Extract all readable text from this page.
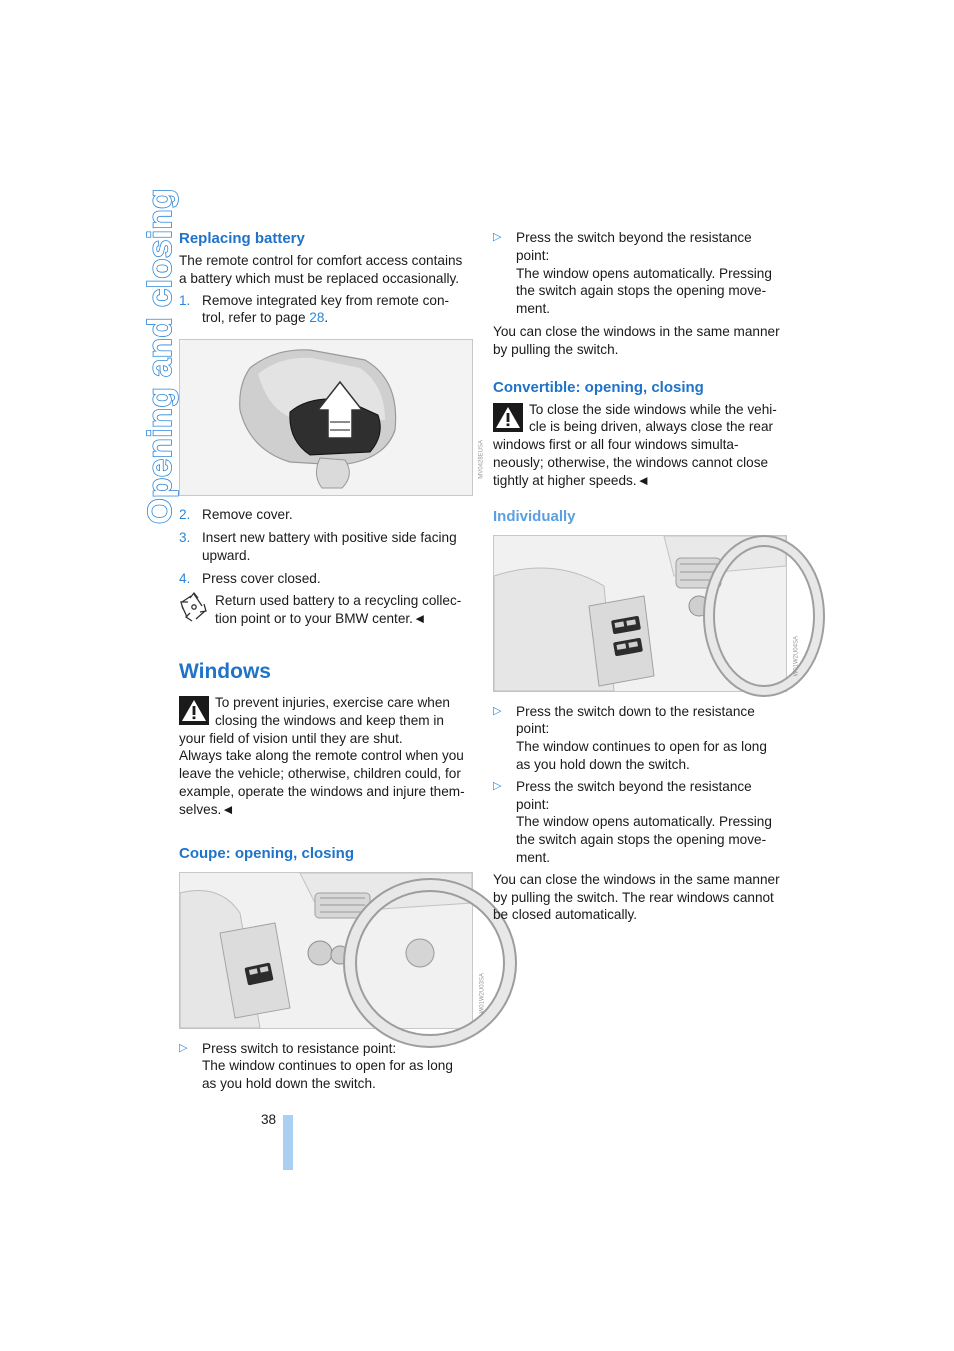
Opening and closing Replacing battery

The remote control for comfort access contains a battery which must be replaced occasionally.

1. Remove integrated key from remote con-trol, refer to page 28.
MV0428EUSA
2. Remove cover.
3. Insert new battery with positive side facing upward.
4. Press cover closed.

Return used battery to a recycling collec-tion point or to your BMW center.◄

Windows

To prevent injuries, exercise care when closing the windows and keep them in your field of vision until they are shut.

Always take along the remote control when you leave the vehicle; otherwise, children could, for example, operate the windows and injure them-selves.◄

Coupe: opening, closing
W01W2U03SA
▷ Press switch to resistance point:

The window continues to open for as long as you hold down the switch.

▷ Press the switch beyond the resistance point:

The window opens automatically. Pressing the switch again stops the opening move-ment.

You can close the windows in the same manner by pulling the switch.

Convertible: opening, closing

To close the side windows while the vehi-cle is being driven, always close the rear windows first or all four windows simulta-neously; otherwise, the windows cannot close tightly at higher speeds.◄

Individually
W01W2U04SA
▷ Press the switch down to the resistance point:

The window continues to open for as long as you hold down the switch.

▷ Press the switch beyond the resistance point:

The window opens automatically. Pressing the switch again stops the opening move-ment.

You can close the windows in the same manner by pulling the switch. The rear windows cannot be closed automatically.

38
